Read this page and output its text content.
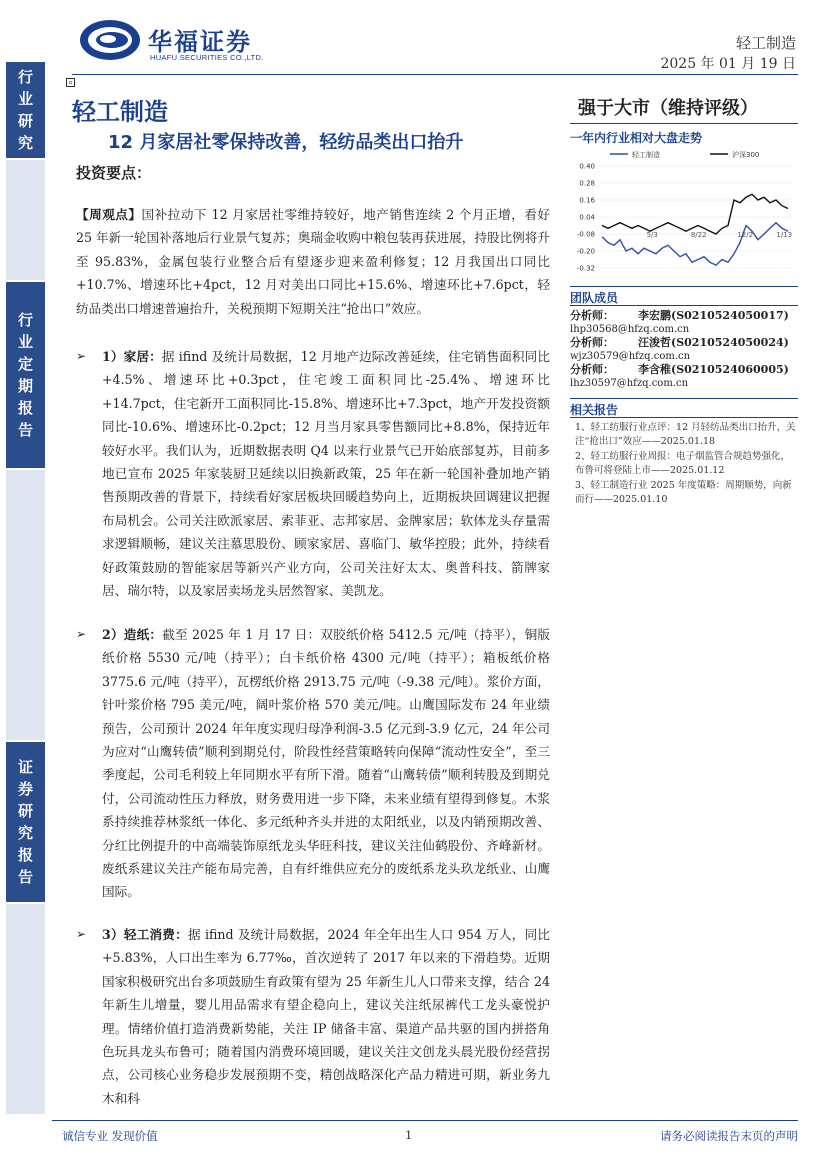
华福证券
HUAFU SECURITIES CO.,LTD.
轻工制造
2025 年 01 月 19 日
行业研究
行业定期报告
证券研究报告
▫
轻工制造
12 月家居社零保持改善，轻纺品类出口抬升
投资要点：
强于大市（维持评级）
一年内行业相对大盘走势
轻工制造	沪深300
0.40
0.28
0.16
0.04
-0.08
-0.20
-0.32
5/3	8/22	12/2	1/13
团队成员
分析师： 李宏鹏(S0210524050017)
lhp30568@hfzq.com.cn
分析师： 汪浚哲(S0210524050024)
wjz30579@hfzq.com.cn
分析师： 李含稚(S0210524060005)
lhz30597@hfzq.com.cn
相关报告

1、轻工纺服行业点评：12 月轻纺品类出口抬升，关注“抢出口”效应——2025.01.18

2、轻工纺服行业周报：电子烟监管合规趋势强化，布鲁可将登陆上市——2025.01.12

3、轻工制造行业 2025 年度策略：周期顺势，向新而行——2025.01.10

【周观点】国补拉动下 12 月家居社零维持较好，地产销售连续 2 个月正增，看好 25 年新一轮国补落地后行业景气复苏；奥瑞金收购中粮包装再获进展，持股比例将升至 95.83%，金属包装行业整合后有望逐步迎来盈利修复；12 月我国出口同比+10.7%、增速环比+4pct，12 月对美出口同比+15.6%、增速环比+7.6pct，轻纺品类出口增速普遍抬升，关税预期下短期关注“抢出口”效应。

➢ 1）家居：据 ifind 及统计局数据，12 月地产边际改善延续，住宅销售面积同比+4.5%、增速环比+0.3pct，住宅竣工面积同比-25.4%、增速环比+14.7pct，住宅新开工面积同比-15.8%、增速环比+7.3pct，地产开发投资额同比-10.6%、增速环比-0.2pct；12 月当月家具零售额同比+8.8%，保持近年较好水平。我们认为，近期数据表明 Q4 以来行业景气已开始底部复苏，目前多地已宣布 2025 年家装厨卫延续以旧换新政策，25 年在新一轮国补叠加地产销售预期改善的背景下，持续看好家居板块回暖趋势向上，近期板块回调建议把握布局机会。公司关注欧派家居、索菲亚、志邦家居、金牌家居；软体龙头存量需求逻辑顺畅，建议关注慕思股份、顾家家居、喜临门、敏华控股；此外，持续看好政策鼓励的智能家居等新兴产业方向，公司关注好太太、奥普科技、箭牌家居、瑞尔特，以及家居卖场龙头居然智家、美凯龙。
➢ 2）造纸：截至 2025 年 1 月 17 日：双胶纸价格 5412.5 元/吨（持平），铜版纸价格 5530 元/吨（持平）；白卡纸价格 4300 元/吨（持平）；箱板纸价格 3775.6 元/吨（持平），瓦楞纸价格 2913.75 元/吨（-9.38 元/吨）。浆价方面，针叶浆价格 795 美元/吨，阔叶浆价格 570 美元/吨。山鹰国际发布 24 年业绩预告，公司预计 2024 年年度实现归母净利润-3.5 亿元到-3.9 亿元，24 年公司为应对“山鹰转债”顺利到期兑付，阶段性经营策略转向保障“流动性安全”，至三季度起，公司毛利较上年同期水平有所下滑。随着“山鹰转债”顺利转股及到期兑付，公司流动性压力释放，财务费用进一步下降，未来业绩有望得到修复。木浆系持续推荐林浆纸一体化、多元纸种齐头并进的太阳纸业，以及内销预期改善、分红比例提升的中高端装饰原纸龙头华旺科技，建议关注仙鹤股份、齐峰新材。废纸系建议关注产能布局完善，自有纤维供应充分的废纸系龙头玖龙纸业、山鹰国际。
➢ 3）轻工消费：据 ifind 及统计局数据，2024 年全年出生人口 954 万人，同比+5.83%，人口出生率为 6.77‰，首次逆转了 2017 年以来的下滑趋势。近期国家积极研究出台多项鼓励生育政策有望为 25 年新生儿人口带来支撑，结合 24 年新生儿增量，婴儿用品需求有望企稳向上，建议关注纸尿裤代工龙头豪悦护理。情绪价值打造消费新势能，关注 IP 储备丰富、渠道产品共驱的国内拼搭角色玩具龙头布鲁可；随着国内消费环境回暖，建议关注文创龙头晨光股份经营拐点，公司核心业务稳步发展预期不变，精创战略深化产品力精进可期，新业务九木和科
诚信专业 发现价值	1	请务必阅读报告末页的声明
